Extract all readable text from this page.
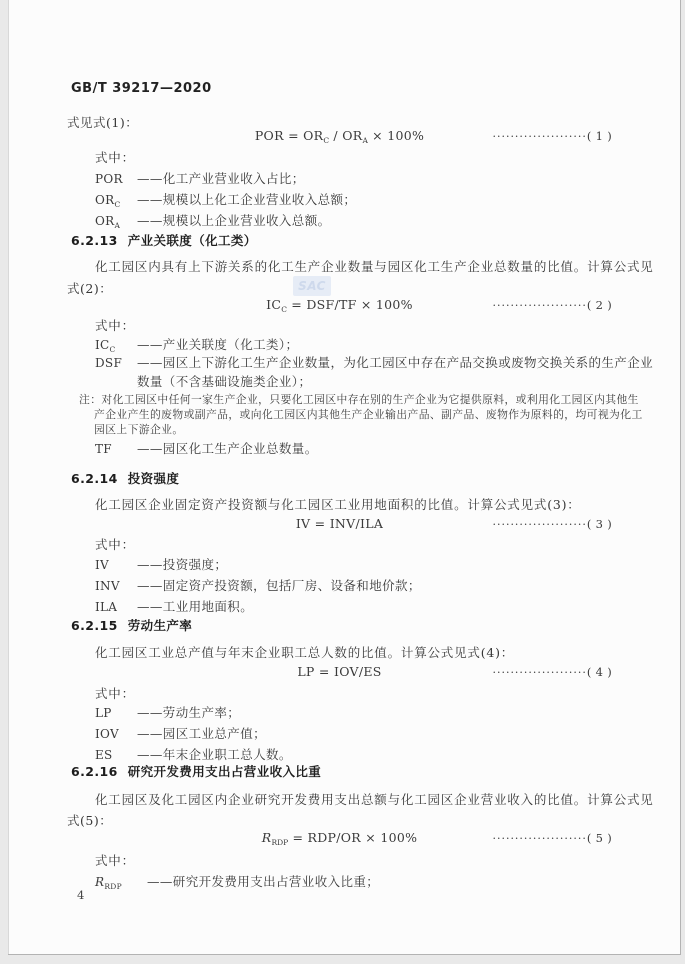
GB/T 39217—2020
式见式(1)：
POR = $OR_C / OR_A \times 100\%$	·····················( 1 )
式中：
POR ——化工产业营业收入占比；
$OR_C$ ——规模以上化工企业营业收入总额；
$OR_A$ ——规模以上企业营业收入总额。
6.2.13 产业关联度（化工类）
化工园区内具有上下游关系的化工生产企业数量与园区化工生产企业总数量的比值。计算公式见
式(2)：
$IC_C = DSF/TF \times 100\%$	·····················( 2 )
式中：
$IC_C$ ——产业关联度（化工类）；
DSF ——园区上下游化工生产企业数量，为化工园区中存在产品交换或废物交换关系的生产企业
数量（不含基础设施类企业）；
注：对化工园区中任何一家生产企业，只要化工园区中存在别的生产企业为它提供原料，或利用化工园区内其他生
产企业产生的废物或副产品，或向化工园区内其他生产企业输出产品、副产品、废物作为原料的，均可视为化工
园区上下游企业。
TF ——园区化工生产企业总数量。
6.2.14 投资强度
化工园区企业固定资产投资额与化工园区工业用地面积的比值。计算公式见式(3)：
IV = INV/ILA	·····················( 3 )
式中：
IV ——投资强度；
INV ——固定资产投资额，包括厂房、设备和地价款；
ILA ——工业用地面积。
6.2.15 劳动生产率
化工园区工业总产值与年末企业职工总人数的比值。计算公式见式(4)：
LP = IOV/ES	·····················( 4 )
式中：
LP ——劳动生产率；
IOV ——园区工业总产值；
ES ——年末企业职工总人数。
6.2.16 研究开发费用支出占营业收入比重
化工园区及化工园区内企业研究开发费用支出总额与化工园区企业营业收入的比值。计算公式见
式(5)：
$R_{RDP} = RDP/OR \times 100\%$	·····················( 5 )
式中：
$R_{RDP}$ ——研究开发费用支出占营业收入比重；
4
SAC
